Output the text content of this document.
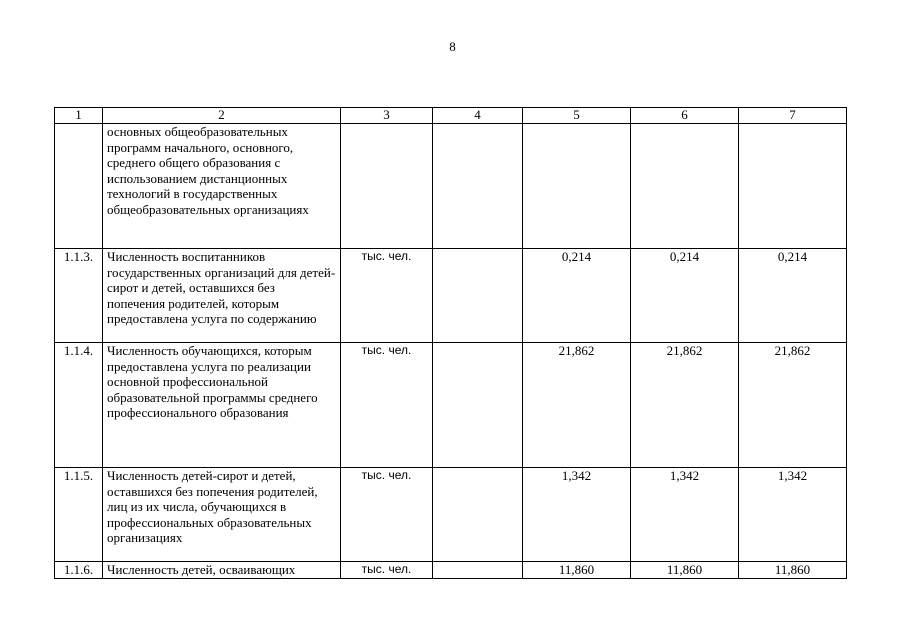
8
1	2	3	4	5	6	7
	основных общеобразовательных программ начального, основного, среднего общего образования с использованием дистанционных технологий в государственных общеобразовательных организациях					
1.1.3.	Численность воспитанников государственных организаций для детей-сирот и детей, оставшихся без попечения родителей, которым предоставлена услуга по содержанию	тыс. чел.		0,214	0,214	0,214
1.1.4.	Численность обучающихся, которым предоставлена услуга по реализации основной профессиональной образовательной программы среднего профессионального образования	тыс. чел.		21,862	21,862	21,862
1.1.5.	Численность детей-сирот и детей, оставшихся без попечения родителей, лиц из их числа, обучающихся в профессиональных образовательных организациях	тыс. чел.		1,342	1,342	1,342
1.1.6.	Численность детей, осваивающих	тыс. чел.		11,860	11,860	11,860
